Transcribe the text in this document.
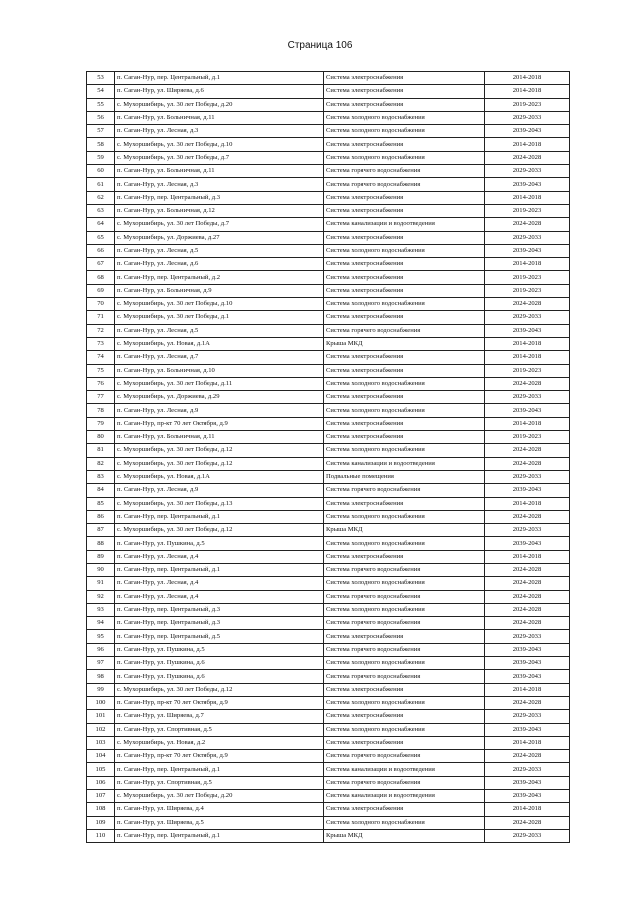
Страница 106
53	п. Саган-Нур, пер. Центральный, д.1	Система электроснабжения	2014-2018
54	п. Саган-Нур, ул. Ширяева, д.6	Система электроснабжения	2014-2018
55	с. Мухоршибирь, ул. 30 лет Победы, д.20	Система электроснабжения	2019-2023
56	п. Саган-Нур, ул. Больничная, д.11	Система холодного водоснабжения	2029-2033
57	п. Саган-Нур, ул. Лесная, д.3	Система холодного водоснабжения	2039-2043
58	с. Мухоршибирь, ул. 30 лет Победы, д.10	Система электроснабжения	2014-2018
59	с. Мухоршибирь, ул. 30 лет Победы, д.7	Система холодного водоснабжения	2024-2028
60	п. Саган-Нур, ул. Больничная, д.11	Система горячего водоснабжения	2029-2033
61	п. Саган-Нур, ул. Лесная, д.3	Система горячего водоснабжения	2039-2043
62	п. Саган-Нур, пер. Центральный, д.3	Система электроснабжения	2014-2018
63	п. Саган-Нур, ул. Больничная, д.12	Система электроснабжения	2019-2023
64	с. Мухоршибирь, ул. 30 лет Победы, д.7	Система канализации и водоотведения	2024-2028
65	с. Мухоршибирь, ул. Доржиева, д.27	Система электроснабжения	2029-2033
66	п. Саган-Нур, ул. Лесная, д.5	Система холодного водоснабжения	2039-2043
67	п. Саган-Нур, ул. Лесная, д.6	Система электроснабжения	2014-2018
68	п. Саган-Нур, пер. Центральный, д.2	Система электроснабжения	2019-2023
69	п. Саган-Нур, ул. Больничная, д.9	Система электроснабжения	2019-2023
70	с. Мухоршибирь, ул. 30 лет Победы, д.10	Система холодного водоснабжения	2024-2028
71	с. Мухоршибирь, ул. 30 лет Победы, д.1	Система электроснабжения	2029-2033
72	п. Саган-Нур, ул. Лесная, д.5	Система горячего водоснабжения	2039-2043
73	с. Мухоршибирь, ул. Новая, д.1А	Крыша МКД	2014-2018
74	п. Саган-Нур, ул. Лесная, д.7	Система электроснабжения	2014-2018
75	п. Саган-Нур, ул. Больничная, д.10	Система электроснабжения	2019-2023
76	с. Мухоршибирь, ул. 30 лет Победы, д.11	Система холодного водоснабжения	2024-2028
77	с. Мухоршибирь, ул. Доржиева, д.29	Система электроснабжения	2029-2033
78	п. Саган-Нур, ул. Лесная, д.9	Система холодного водоснабжения	2039-2043
79	п. Саган-Нур, пр-кт 70 лет Октября, д.9	Система электроснабжения	2014-2018
80	п. Саган-Нур, ул. Больничная, д.11	Система электроснабжения	2019-2023
81	с. Мухоршибирь, ул. 30 лет Победы, д.12	Система холодного водоснабжения	2024-2028
82	с. Мухоршибирь, ул. 30 лет Победы, д.12	Система канализации и водоотведения	2024-2028
83	с. Мухоршибирь, ул. Новая, д.1А	Подвальные помещения	2029-2033
84	п. Саган-Нур, ул. Лесная, д.9	Система горячего водоснабжения	2039-2043
85	с. Мухоршибирь, ул. 30 лет Победы, д.13	Система электроснабжения	2014-2018
86	п. Саган-Нур, пер. Центральный, д.1	Система холодного водоснабжения	2024-2028
87	с. Мухоршибирь, ул. 30 лет Победы, д.12	Крыша МКД	2029-2033
88	п. Саган-Нур, ул. Пушкина, д.5	Система холодного водоснабжения	2039-2043
89	п. Саган-Нур, ул. Лесная, д.4	Система электроснабжения	2014-2018
90	п. Саган-Нур, пер. Центральный, д.1	Система горячего водоснабжения	2024-2028
91	п. Саган-Нур, ул. Лесная, д.4	Система холодного водоснабжения	2024-2028
92	п. Саган-Нур, ул. Лесная, д.4	Система горячего водоснабжения	2024-2028
93	п. Саган-Нур, пер. Центральный, д.3	Система холодного водоснабжения	2024-2028
94	п. Саган-Нур, пер. Центральный, д.3	Система горячего водоснабжения	2024-2028
95	п. Саган-Нур, пер. Центральный, д.5	Система электроснабжения	2029-2033
96	п. Саган-Нур, ул. Пушкина, д.5	Система горячего водоснабжения	2039-2043
97	п. Саган-Нур, ул. Пушкина, д.6	Система холодного водоснабжения	2039-2043
98	п. Саган-Нур, ул. Пушкина, д.6	Система горячего водоснабжения	2039-2043
99	с. Мухоршибирь, ул. 30 лет Победы, д.12	Система электроснабжения	2014-2018
100	п. Саган-Нур, пр-кт 70 лет Октября, д.9	Система холодного водоснабжения	2024-2028
101	п. Саган-Нур, ул. Ширяева, д.7	Система электроснабжения	2029-2033
102	п. Саган-Нур, ул. Спортивная, д.5	Система холодного водоснабжения	2039-2043
103	с. Мухоршибирь, ул. Новая, д.2	Система электроснабжения	2014-2018
104	п. Саган-Нур, пр-кт 70 лет Октября, д.9	Система горячего водоснабжения	2024-2028
105	п. Саган-Нур, пер. Центральный, д.1	Система канализации и водоотведения	2029-2033
106	п. Саган-Нур, ул. Спортивная, д.5	Система горячего водоснабжения	2039-2043
107	с. Мухоршибирь, ул. 30 лет Победы, д.20	Система канализации и водоотведения	2039-2043
108	п. Саган-Нур, ул. Ширяева, д.4	Система электроснабжения	2014-2018
109	п. Саган-Нур, ул. Ширяева, д.5	Система холодного водоснабжения	2024-2028
110	п. Саган-Нур, пер. Центральный, д.1	Крыша МКД	2029-2033
